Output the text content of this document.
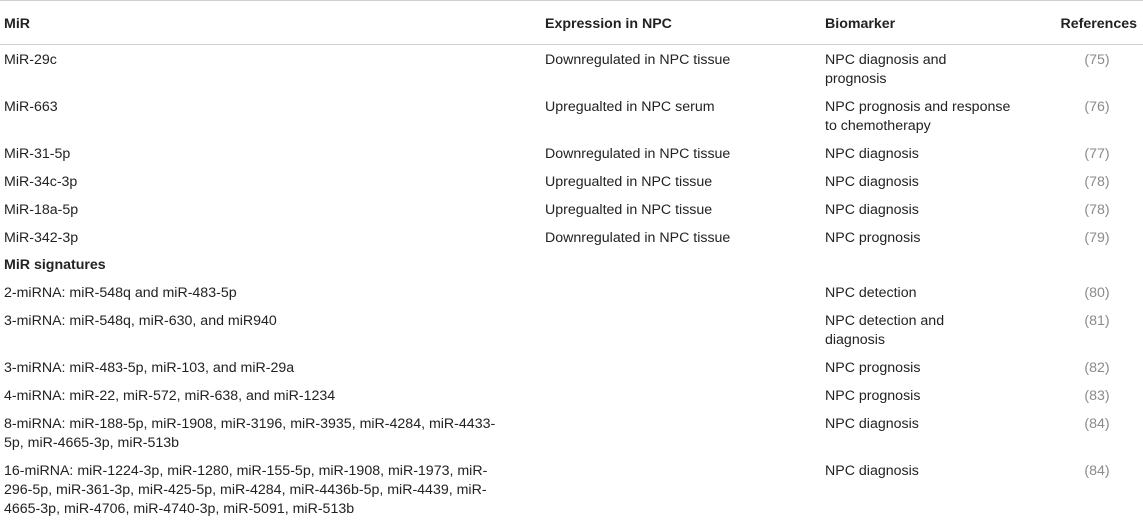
MiR	Expression in NPC	Biomarker	References
MiR-29c	Downregulated in NPC tissue	NPC diagnosis and prognosis	(75)
MiR-663	Upregualted in NPC serum	NPC prognosis and response to chemotherapy	(76)
MiR-31-5p	Downregulated in NPC tissue	NPC diagnosis	(77)
MiR-34c-3p	Upregualted in NPC tissue	NPC diagnosis	(78)
MiR-18a-5p	Upregualted in NPC tissue	NPC diagnosis	(78)
MiR-342-3p	Downregulated in NPC tissue	NPC prognosis	(79)
MiR signatures			
2-miRNA: miR-548q and miR-483-5p		NPC detection	(80)
3-miRNA: miR-548q, miR-630, and miR940		NPC detection and diagnosis	(81)
3-miRNA: miR-483-5p, miR-103, and miR-29a		NPC prognosis	(82)
4-miRNA: miR-22, miR-572, miR-638, and miR-1234		NPC prognosis	(83)
8-miRNA: miR-188-5p, miR-1908, miR-3196, miR-3935, miR-4284, miR-4433-5p, miR-4665-3p, miR-513b		NPC diagnosis	(84)
16-miRNA: miR-1224-3p, miR-1280, miR-155-5p, miR-1908, miR-1973, miR-296-5p, miR-361-3p, miR-425-5p, miR-4284, miR-4436b-5p, miR-4439, miR-4665-3p, miR-4706, miR-4740-3p, miR-5091, miR-513b		NPC diagnosis	(84)
